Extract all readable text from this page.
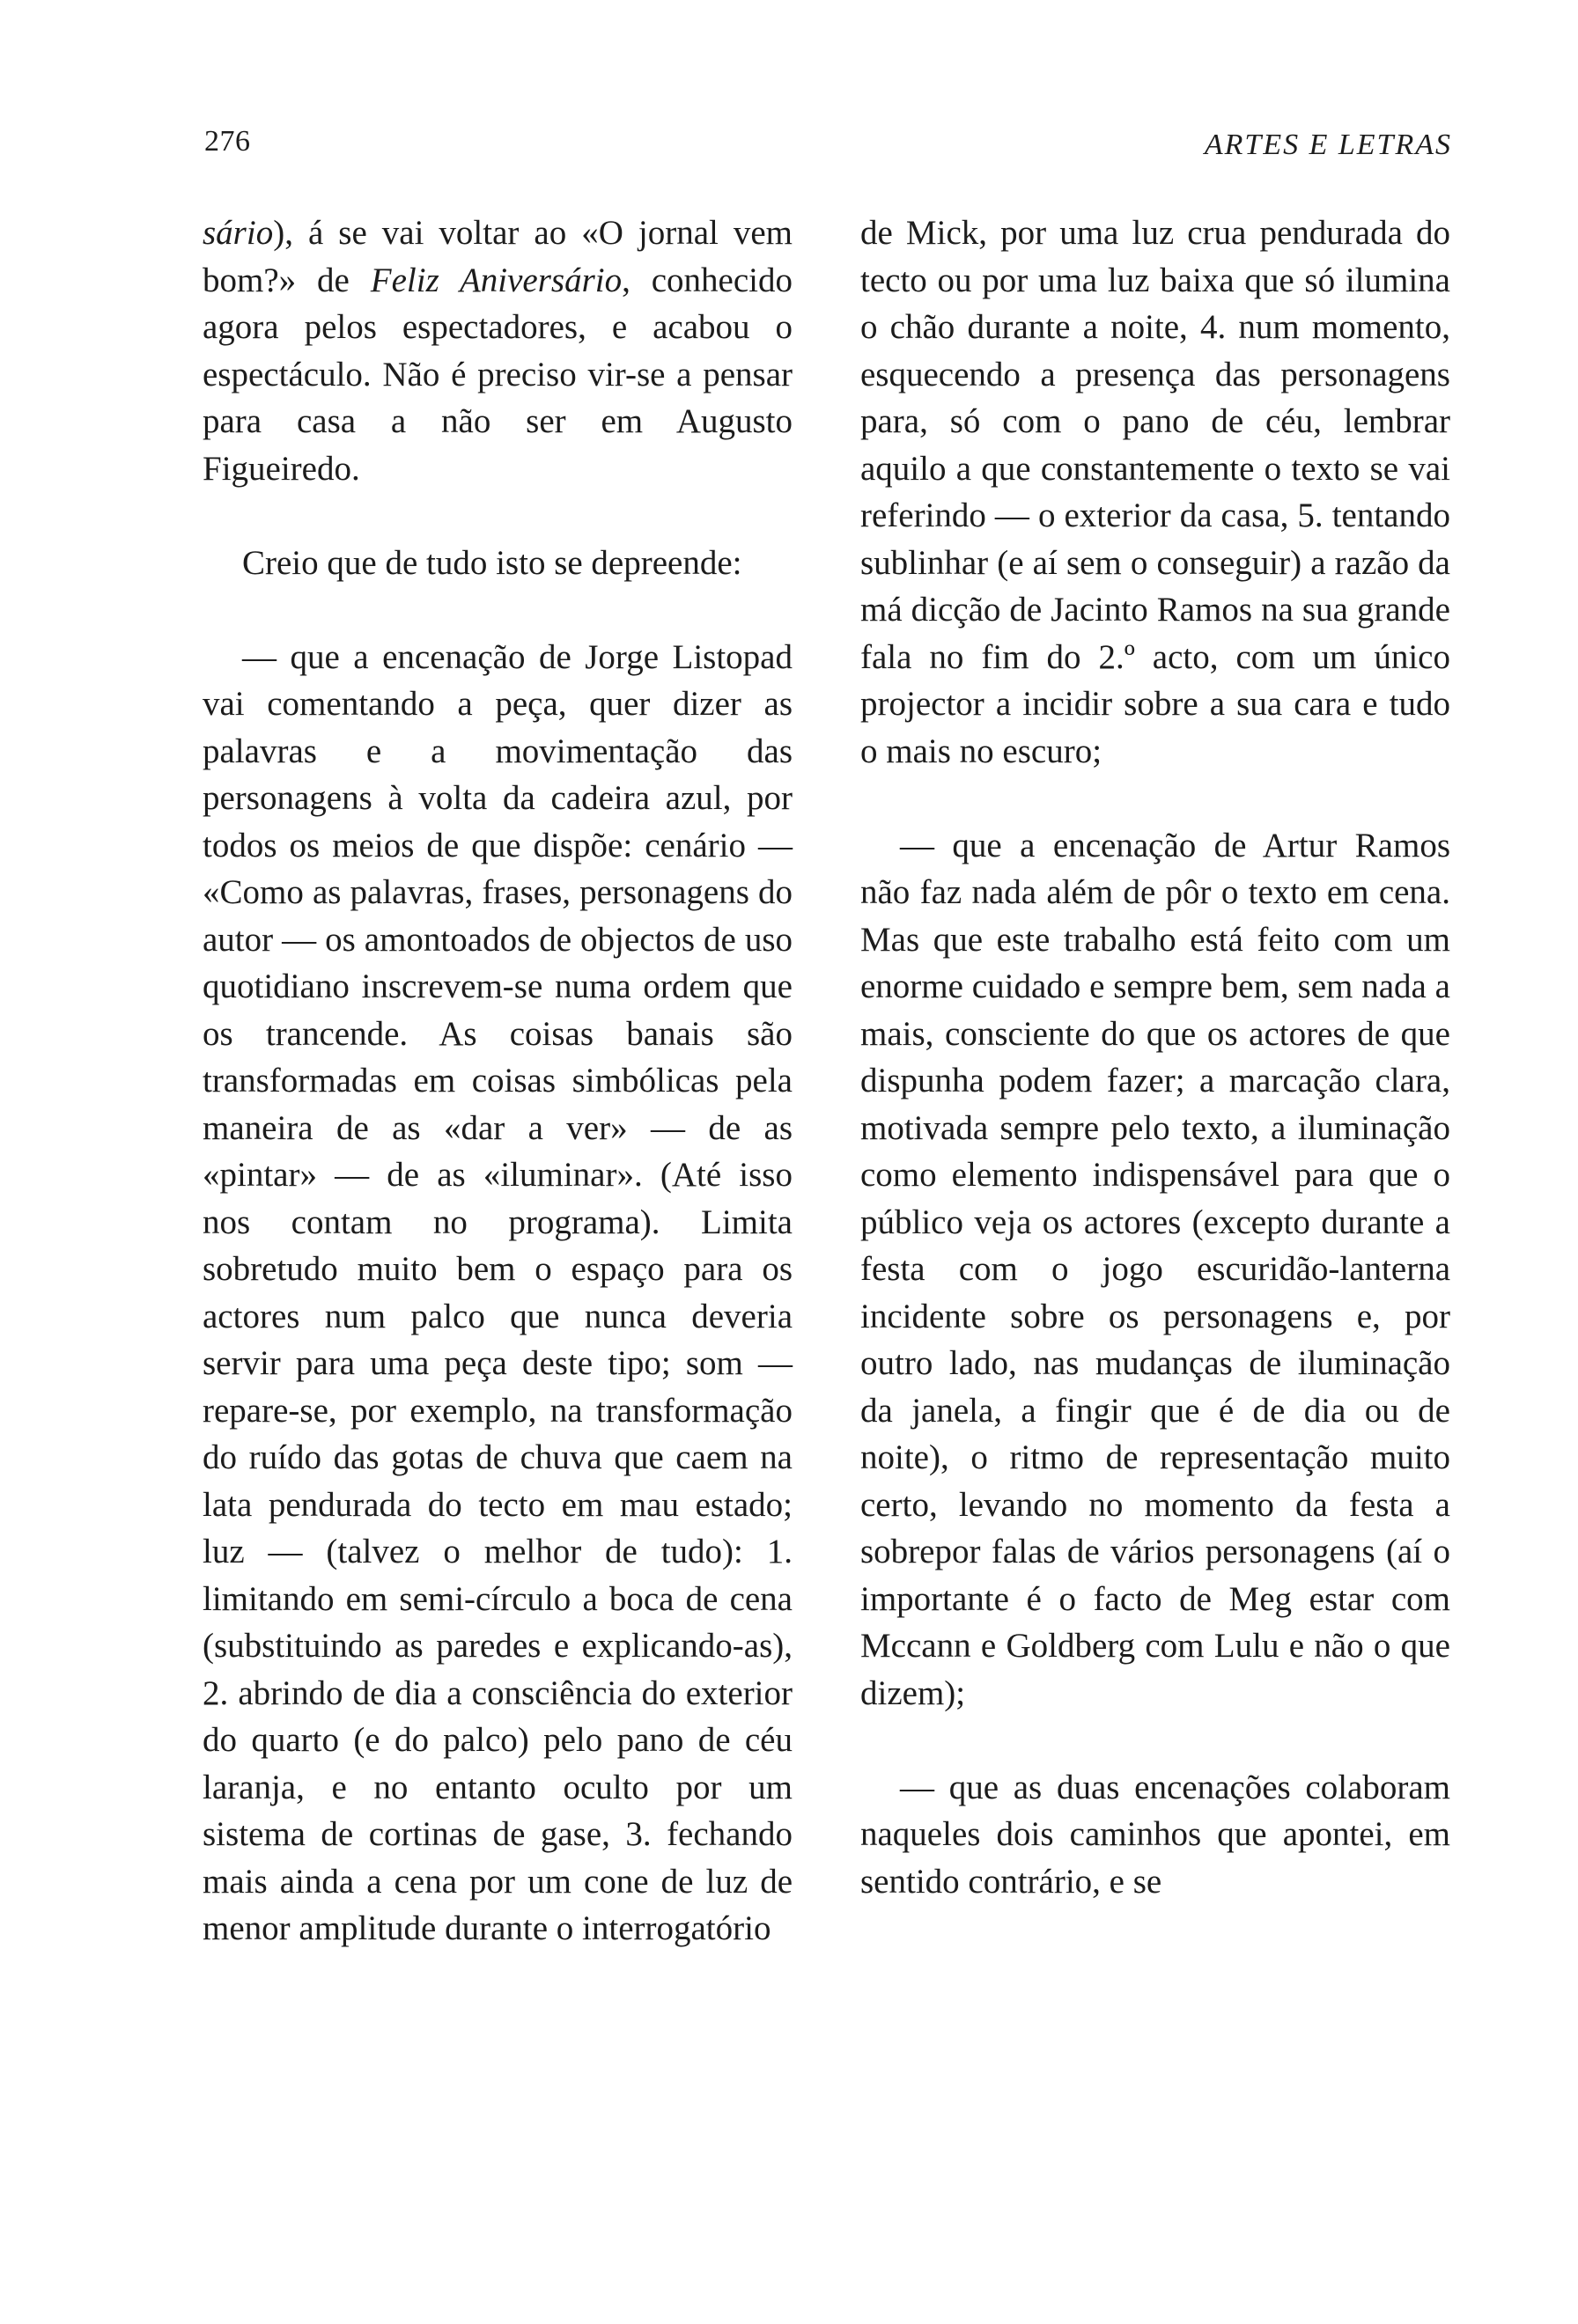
276	ARTES E LETRAS

sário), á se vai voltar ao «O jornal vem bom?» de Feliz Aniversário, conhecido agora pelos espectadores, e acabou o espectáculo. Não é preciso vir-se a pensar para casa a não ser em Augusto Figueiredo.

Creio que de tudo isto se depreende:

— que a encenação de Jorge Listopad vai comentando a peça, quer dizer as palavras e a movimentação das personagens à volta da cadeira azul, por todos os meios de que dispõe: cenário — «Como as palavras, frases, personagens do autor — os amontoados de objectos de uso quotidiano inscrevem-se numa ordem que os trancende. As coisas banais são transformadas em coisas simbólicas pela maneira de as «dar a ver» — de as «pintar» — de as «iluminar». (Até isso nos contam no programa). Limita sobretudo muito bem o espaço para os actores num palco que nunca deveria servir para uma peça deste tipo; som — repare-se, por exemplo, na transformação do ruído das gotas de chuva que caem na lata pendurada do tecto em mau estado; luz — (talvez o melhor de tudo): 1. limitando em semi-círculo a boca de cena (substituindo as paredes e explicando-as), 2. abrindo de dia a consciência do exterior do quarto (e do palco) pelo pano de céu laranja, e no entanto oculto por um sistema de cortinas de gase, 3. fechando mais ainda a cena por um cone de luz de menor amplitude durante o interrogatório

de Mick, por uma luz crua pendurada do tecto ou por uma luz baixa que só ilumina o chão durante a noite, 4. num momento, esquecendo a presença das personagens para, só com o pano de céu, lembrar aquilo a que constantemente o texto se vai referindo — o exterior da casa, 5. tentando sublinhar (e aí sem o conseguir) a razão da má dicção de Jacinto Ramos na sua grande fala no fim do 2.º acto, com um único projector a incidir sobre a sua cara e tudo o mais no escuro;

— que a encenação de Artur Ramos não faz nada além de pôr o texto em cena. Mas que este trabalho está feito com um enorme cuidado e sempre bem, sem nada a mais, consciente do que os actores de que dispunha podem fazer; a marcação clara, motivada sempre pelo texto, a iluminação como elemento indispensável para que o público veja os actores (excepto durante a festa com o jogo escuridão-lanterna incidente sobre os personagens e, por outro lado, nas mudanças de iluminação da janela, a fingir que é de dia ou de noite), o ritmo de representação muito certo, levando no momento da festa a sobrepor falas de vários personagens (aí o importante é o facto de Meg estar com Mccann e Goldberg com Lulu e não o que dizem);

— que as duas encenações colaboram naqueles dois caminhos que apontei, em sentido contrário, e se
